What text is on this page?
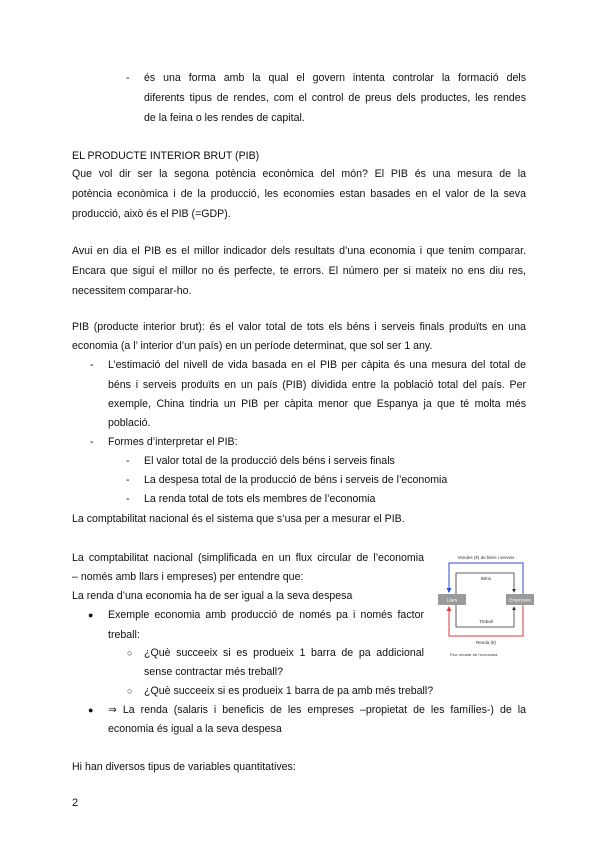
- és una forma amb la qual el govern intenta controlar la formació dels
diferents tipus de rendes, com el control de preus dels productes, les rendes
de la feina o les rendes de capital.
EL PRODUCTE INTERIOR BRUT (PIB)
Que vol dir ser la segona potència econòmica del món? El PIB és una mesura de la
potència econòmica i de la producció, les economies estan basades en el valor de la seva
producció, això és el PIB (=GDP).
Avui en dia el PIB es el millor indicador dels resultats d’una economia i que tenim comparar.
Encara que sigui el millor no és perfecte, te errors. El número per si mateix no ens diu res,
necessitem comparar-ho.
PIB (producte interior brut): és el valor total de tots els béns i serveis finals produïts en una
economia (a l’ interior d’un país) en un període determinat, que sol ser 1 any.
- L’estimació del nivell de vida basada en el PIB per càpita és una mesura del total de
béns i serveis produïts en un país (PIB) dividida entre la població total del país. Per
exemple, China tindria un PIB per càpita menor que Espanya ja que té molta més
població.
- Formes d’interpretar el PIB:
- El valor total de la producció dels béns i serveis finals
- La despesa total de la producció de béns i serveis de l’economia
- La renda total de tots els membres de l’economia
La comptabilitat nacional és el sistema que s’usa per a mesurar el PIB.
La comptabilitat nacional (simplificada en un flux circular de l’economia
– només amb llars i empreses) per entendre que:
La renda d’una economia ha de ser igual a la seva despesa
● Exemple economia amb producció de només pa i només factor
treball:
○ ¿Què succeeix si es produeix 1 barra de pa addicional
sense contractar més treball?
○ ¿Què succeeix si es produeix 1 barra de pa amb més treball?
● ⇒ La renda (salaris i beneficis de les empreses –propietat de les famílies-) de la
economia és igual a la seva despesa
Hi han diversos tipus de variables quantitatives:
2
Vendes (€) de béns i serveis
Béns
Llars	Empreses
Treball
Renda (€)
Flux circular de l’economia
